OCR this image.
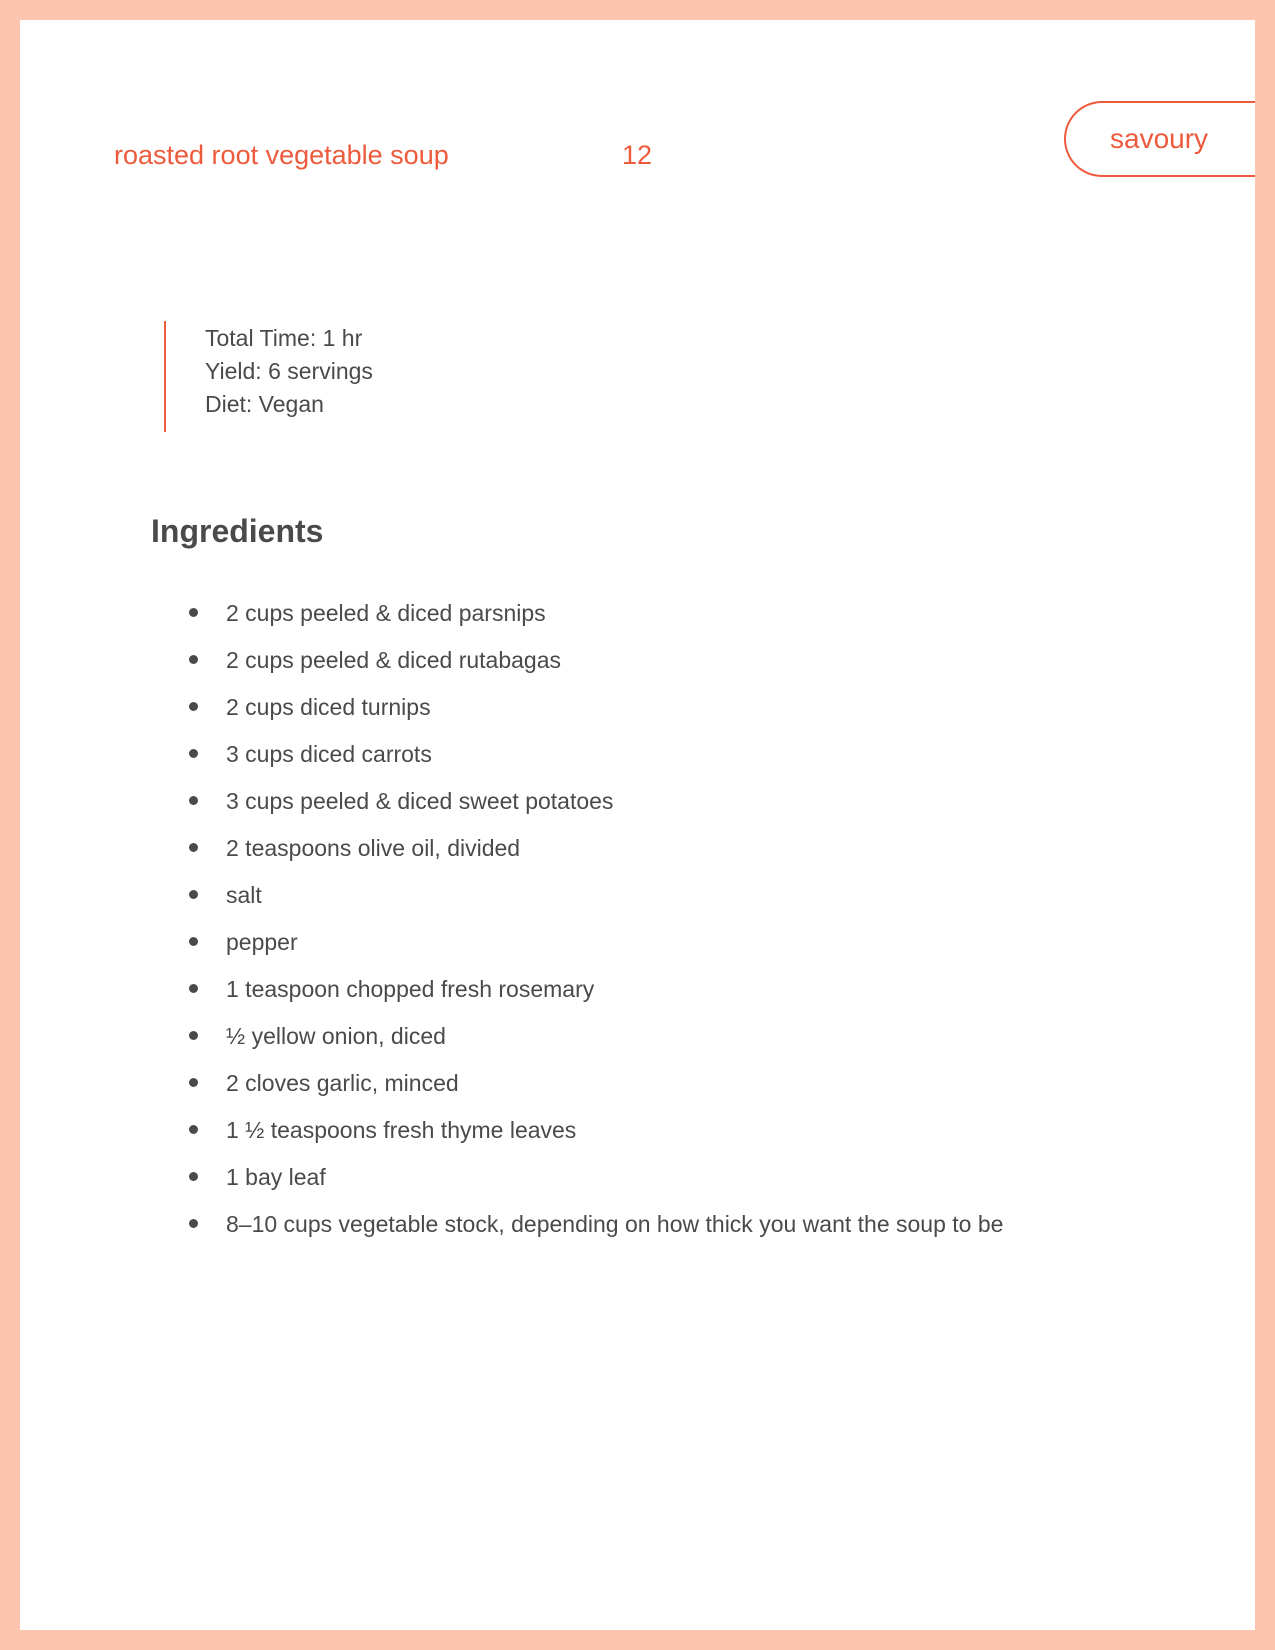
roasted root vegetable soup	12
savoury
Total Time: 1 hr
Yield: 6 servings
Diet: Vegan
Ingredients
2 cups peeled & diced parsnips
2 cups peeled & diced rutabagas
2 cups diced turnips
3 cups diced carrots
3 cups peeled & diced sweet potatoes
2 teaspoons olive oil, divided
salt
pepper
1 teaspoon chopped fresh rosemary
½ yellow onion, diced
2 cloves garlic, minced
1 ½ teaspoons fresh thyme leaves
1 bay leaf
8–10 cups vegetable stock, depending on how thick you want the soup to be
